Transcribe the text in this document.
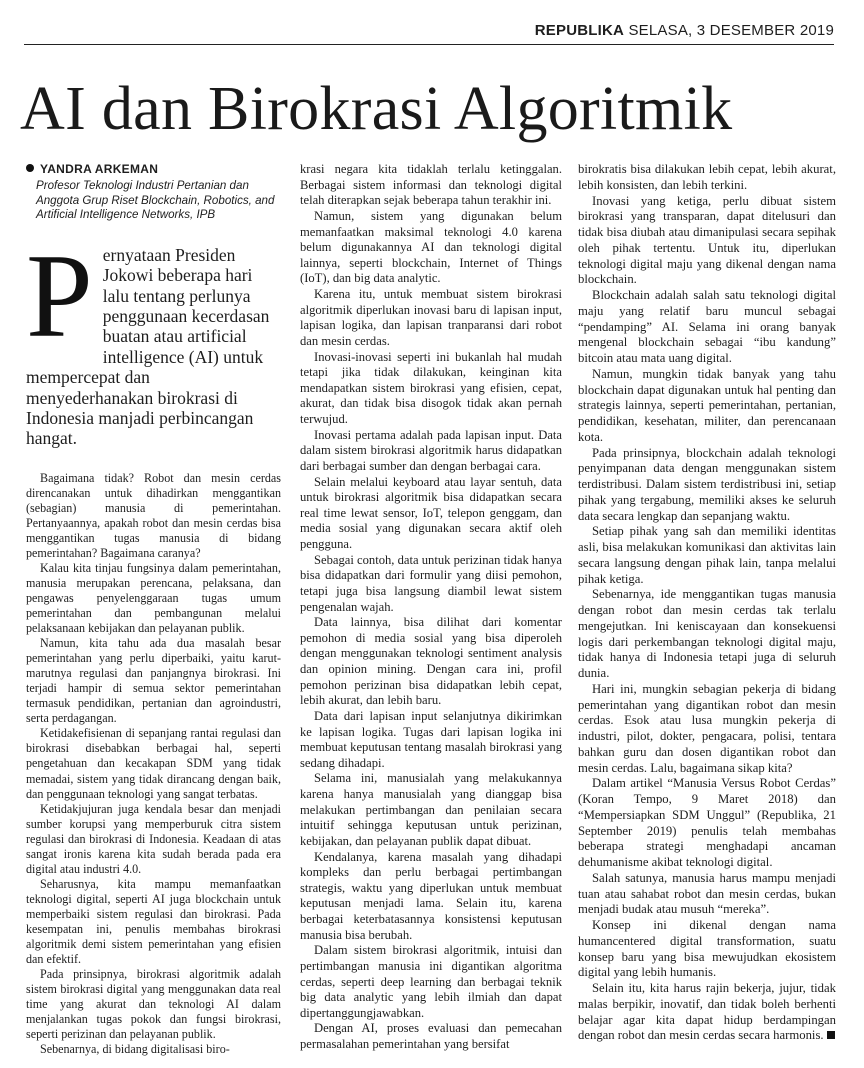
REPUBLIKA SELASA, 3 DESEMBER 2019
AI dan Birokrasi Algoritmik
YANDRA ARKEMAN
Profesor Teknologi Industri Pertanian dan Anggota Grup Riset Blockchain, Robotics, and Artificial Intelligence Networks, IPB

Pernyataan Presiden Jokowi beberapa hari lalu tentang perlunya penggunaan kecerdasan buatan atau artificial intelligence (AI) untuk mempercepat dan menyederhanakan birokrasi di Indonesia manjadi perbincangan hangat.

Bagaimana tidak? Robot dan mesin cerdas direncanakan untuk dihadirkan menggantikan (sebagian) manusia di pemerintahan. Pertanyaannya, apakah robot dan mesin cerdas bisa menggantikan tugas manusia di bidang pemerintahan? Bagaimana caranya?

Kalau kita tinjau fungsinya dalam pemerintahan, manusia merupakan perencana, pelaksana, dan pengawas penyelenggaraan tugas umum pemerintahan dan pembangunan melalui pelaksanaan kebijakan dan pelayanan publik.

Namun, kita tahu ada dua masalah besar pemerintahan yang perlu diperbaiki, yaitu karut-marutnya regulasi dan panjangnya birokrasi. Ini terjadi hampir di semua sektor pemerintahan termasuk pendidikan, pertanian dan agroindustri, serta perdagangan.

Ketidakefisienan di sepanjang rantai regulasi dan birokrasi disebabkan berbagai hal, seperti pengetahuan dan kecakapan SDM yang tidak memadai, sistem yang tidak dirancang dengan baik, dan penggunaan teknologi yang sangat terbatas.

Ketidakjujuran juga kendala besar dan menjadi sumber korupsi yang memperburuk citra sistem regulasi dan birokrasi di Indonesia. Keadaan di atas sangat ironis karena kita sudah berada pada era digital atau industri 4.0.

Seharusnya, kita mampu memanfaatkan teknologi digital, seperti AI juga blockchain untuk memperbaiki sistem regulasi dan birokrasi. Pada kesempatan ini, penulis membahas birokrasi algoritmik demi sistem pemerintahan yang efisien dan efektif.

Pada prinsipnya, birokrasi algoritmik adalah sistem birokrasi digital yang menggunakan data real time yang akurat dan teknologi AI dalam menjalankan tugas pokok dan fungsi birokrasi, seperti perizinan dan pelayanan publik.

Sebenarnya, di bidang digitalisasi biro-

krasi negara kita tidaklah terlalu ketinggalan. Berbagai sistem informasi dan teknologi digital telah diterapkan sejak beberapa tahun terakhir ini.

Namun, sistem yang digunakan belum memanfaatkan maksimal teknologi 4.0 karena belum digunakannya AI dan teknologi digital lainnya, seperti blockchain, Internet of Things (IoT), dan big data analytic.

Karena itu, untuk membuat sistem birokrasi algoritmik diperlukan inovasi baru di lapisan input, lapisan logika, dan lapisan tranparansi dari robot dan mesin cerdas.

Inovasi-inovasi seperti ini bukanlah hal mudah tetapi jika tidak dilakukan, keinginan kita mendapatkan sistem birokrasi yang efisien, cepat, akurat, dan tidak bisa disogok tidak akan pernah terwujud.

Inovasi pertama adalah pada lapisan input. Data dalam sistem birokrasi algoritmik harus didapatkan dari berbagai sumber dan dengan berbagai cara.

Selain melalui keyboard atau layar sentuh, data untuk birokrasi algoritmik bisa didapatkan secara real time lewat sensor, IoT, telepon genggam, dan media sosial yang digunakan secara aktif oleh pengguna.

Sebagai contoh, data untuk perizinan tidak hanya bisa didapatkan dari formulir yang diisi pemohon, tetapi juga bisa langsung diambil lewat sistem pengenalan wajah.

Data lainnya, bisa dilihat dari komentar pemohon di media sosial yang bisa diperoleh dengan menggunakan teknologi sentiment analysis dan opinion mining. Dengan cara ini, profil pemohon perizinan bisa didapatkan lebih cepat, lebih akurat, dan lebih baru.

Data dari lapisan input selanjutnya dikirimkan ke lapisan logika. Tugas dari lapisan logika ini membuat keputusan tentang masalah birokrasi yang sedang dihadapi.

Selama ini, manusialah yang melakukannya karena hanya manusialah yang dianggap bisa melakukan pertimbangan dan penilaian secara intuitif sehingga keputusan untuk perizinan, kebijakan, dan pelayanan publik dapat dibuat.

Kendalanya, karena masalah yang dihadapi kompleks dan perlu berbagai pertimbangan strategis, waktu yang diperlukan untuk membuat keputusan menjadi lama. Selain itu, karena berbagai keterbatasannya konsistensi keputusan manusia bisa berubah.

Dalam sistem birokrasi algoritmik, intuisi dan pertimbangan manusia ini digantikan algoritma cerdas, seperti deep learning dan berbagai teknik big data analytic yang lebih ilmiah dan dapat dipertanggungjawabkan.

Dengan AI, proses evaluasi dan pemecahan permasalahan pemerintahan yang bersifat

birokratis bisa dilakukan lebih cepat, lebih akurat, lebih konsisten, dan lebih terkini.

Inovasi yang ketiga, perlu dibuat sistem birokrasi yang transparan, dapat ditelusuri dan tidak bisa diubah atau dimanipulasi secara sepihak oleh pihak tertentu. Untuk itu, diperlukan teknologi digital maju yang dikenal dengan nama blockchain.

Blockchain adalah salah satu teknologi digital maju yang relatif baru muncul sebagai “pendamping” AI. Selama ini orang banyak mengenal blockchain sebagai “ibu kandung” bitcoin atau mata uang digital.

Namun, mungkin tidak banyak yang tahu blockchain dapat digunakan untuk hal penting dan strategis lainnya, seperti pemerintahan, pertanian, pendidikan, kesehatan, militer, dan perencanaan kota.

Pada prinsipnya, blockchain adalah teknologi penyimpanan data dengan menggunakan sistem terdistribusi. Dalam sistem terdistribusi ini, setiap pihak yang tergabung, memiliki akses ke seluruh data secara lengkap dan sepanjang waktu.

Setiap pihak yang sah dan memiliki identitas asli, bisa melakukan komunikasi dan aktivitas lain secara langsung dengan pihak lain, tanpa melalui pihak ketiga.

Sebenarnya, ide menggantikan tugas manusia dengan robot dan mesin cerdas tak terlalu mengejutkan. Ini keniscayaan dan konsekuensi logis dari perkembangan teknologi digital maju, tidak hanya di Indonesia tetapi juga di seluruh dunia.

Hari ini, mungkin sebagian pekerja di bidang pemerintahan yang digantikan robot dan mesin cerdas. Esok atau lusa mungkin pekerja di industri, pilot, dokter, pengacara, polisi, tentara bahkan guru dan dosen digantikan robot dan mesin cerdas. Lalu, bagaimana sikap kita?

Dalam artikel “Manusia Versus Robot Cerdas” (Koran Tempo, 9 Maret 2018) dan “Mempersiapkan SDM Unggul” (Republika, 21 September 2019) penulis telah membahas beberapa strategi menghadapi ancaman dehumanisme akibat teknologi digital.

Salah satunya, manusia harus mampu menjadi tuan atau sahabat robot dan mesin cerdas, bukan menjadi budak atau musuh “mereka”.

Konsep ini dikenal dengan nama humancentered digital transformation, suatu konsep baru yang bisa mewujudkan ekosistem digital yang lebih humanis.

Selain itu, kita harus rajin bekerja, jujur, tidak malas berpikir, inovatif, dan tidak boleh berhenti belajar agar kita dapat hidup berdampingan dengan robot dan mesin cerdas secara harmonis.
